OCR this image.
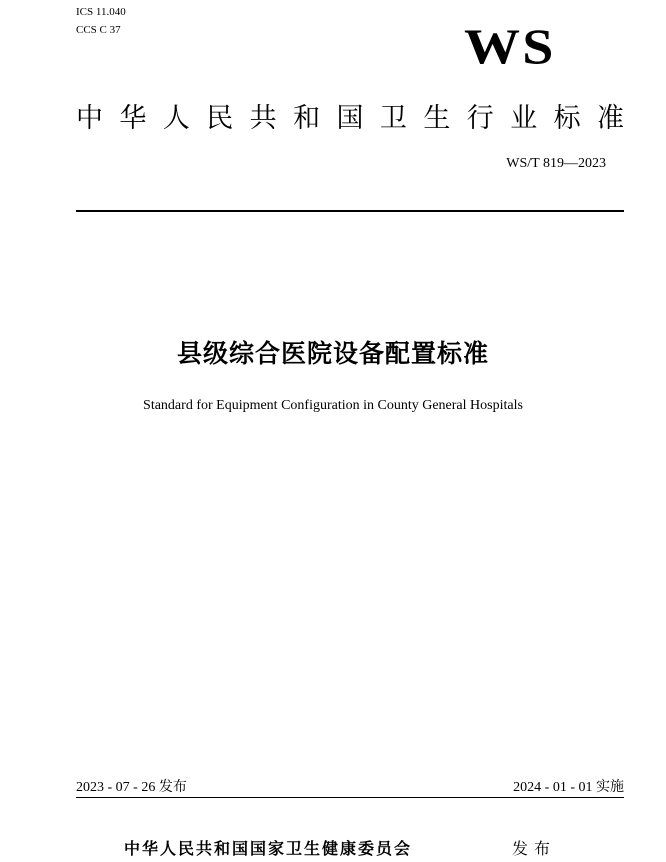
ICS 11.040
CCS C 37	WS
中华人民共和国卫生行业标准
WS/T 819—2023
县级综合医院设备配置标准
Standard for Equipment Configuration in County General Hospitals
2023 - 07 - 26 发布	2024 - 01 - 01 实施
中华人民共和国国家卫生健康委员会	发布
